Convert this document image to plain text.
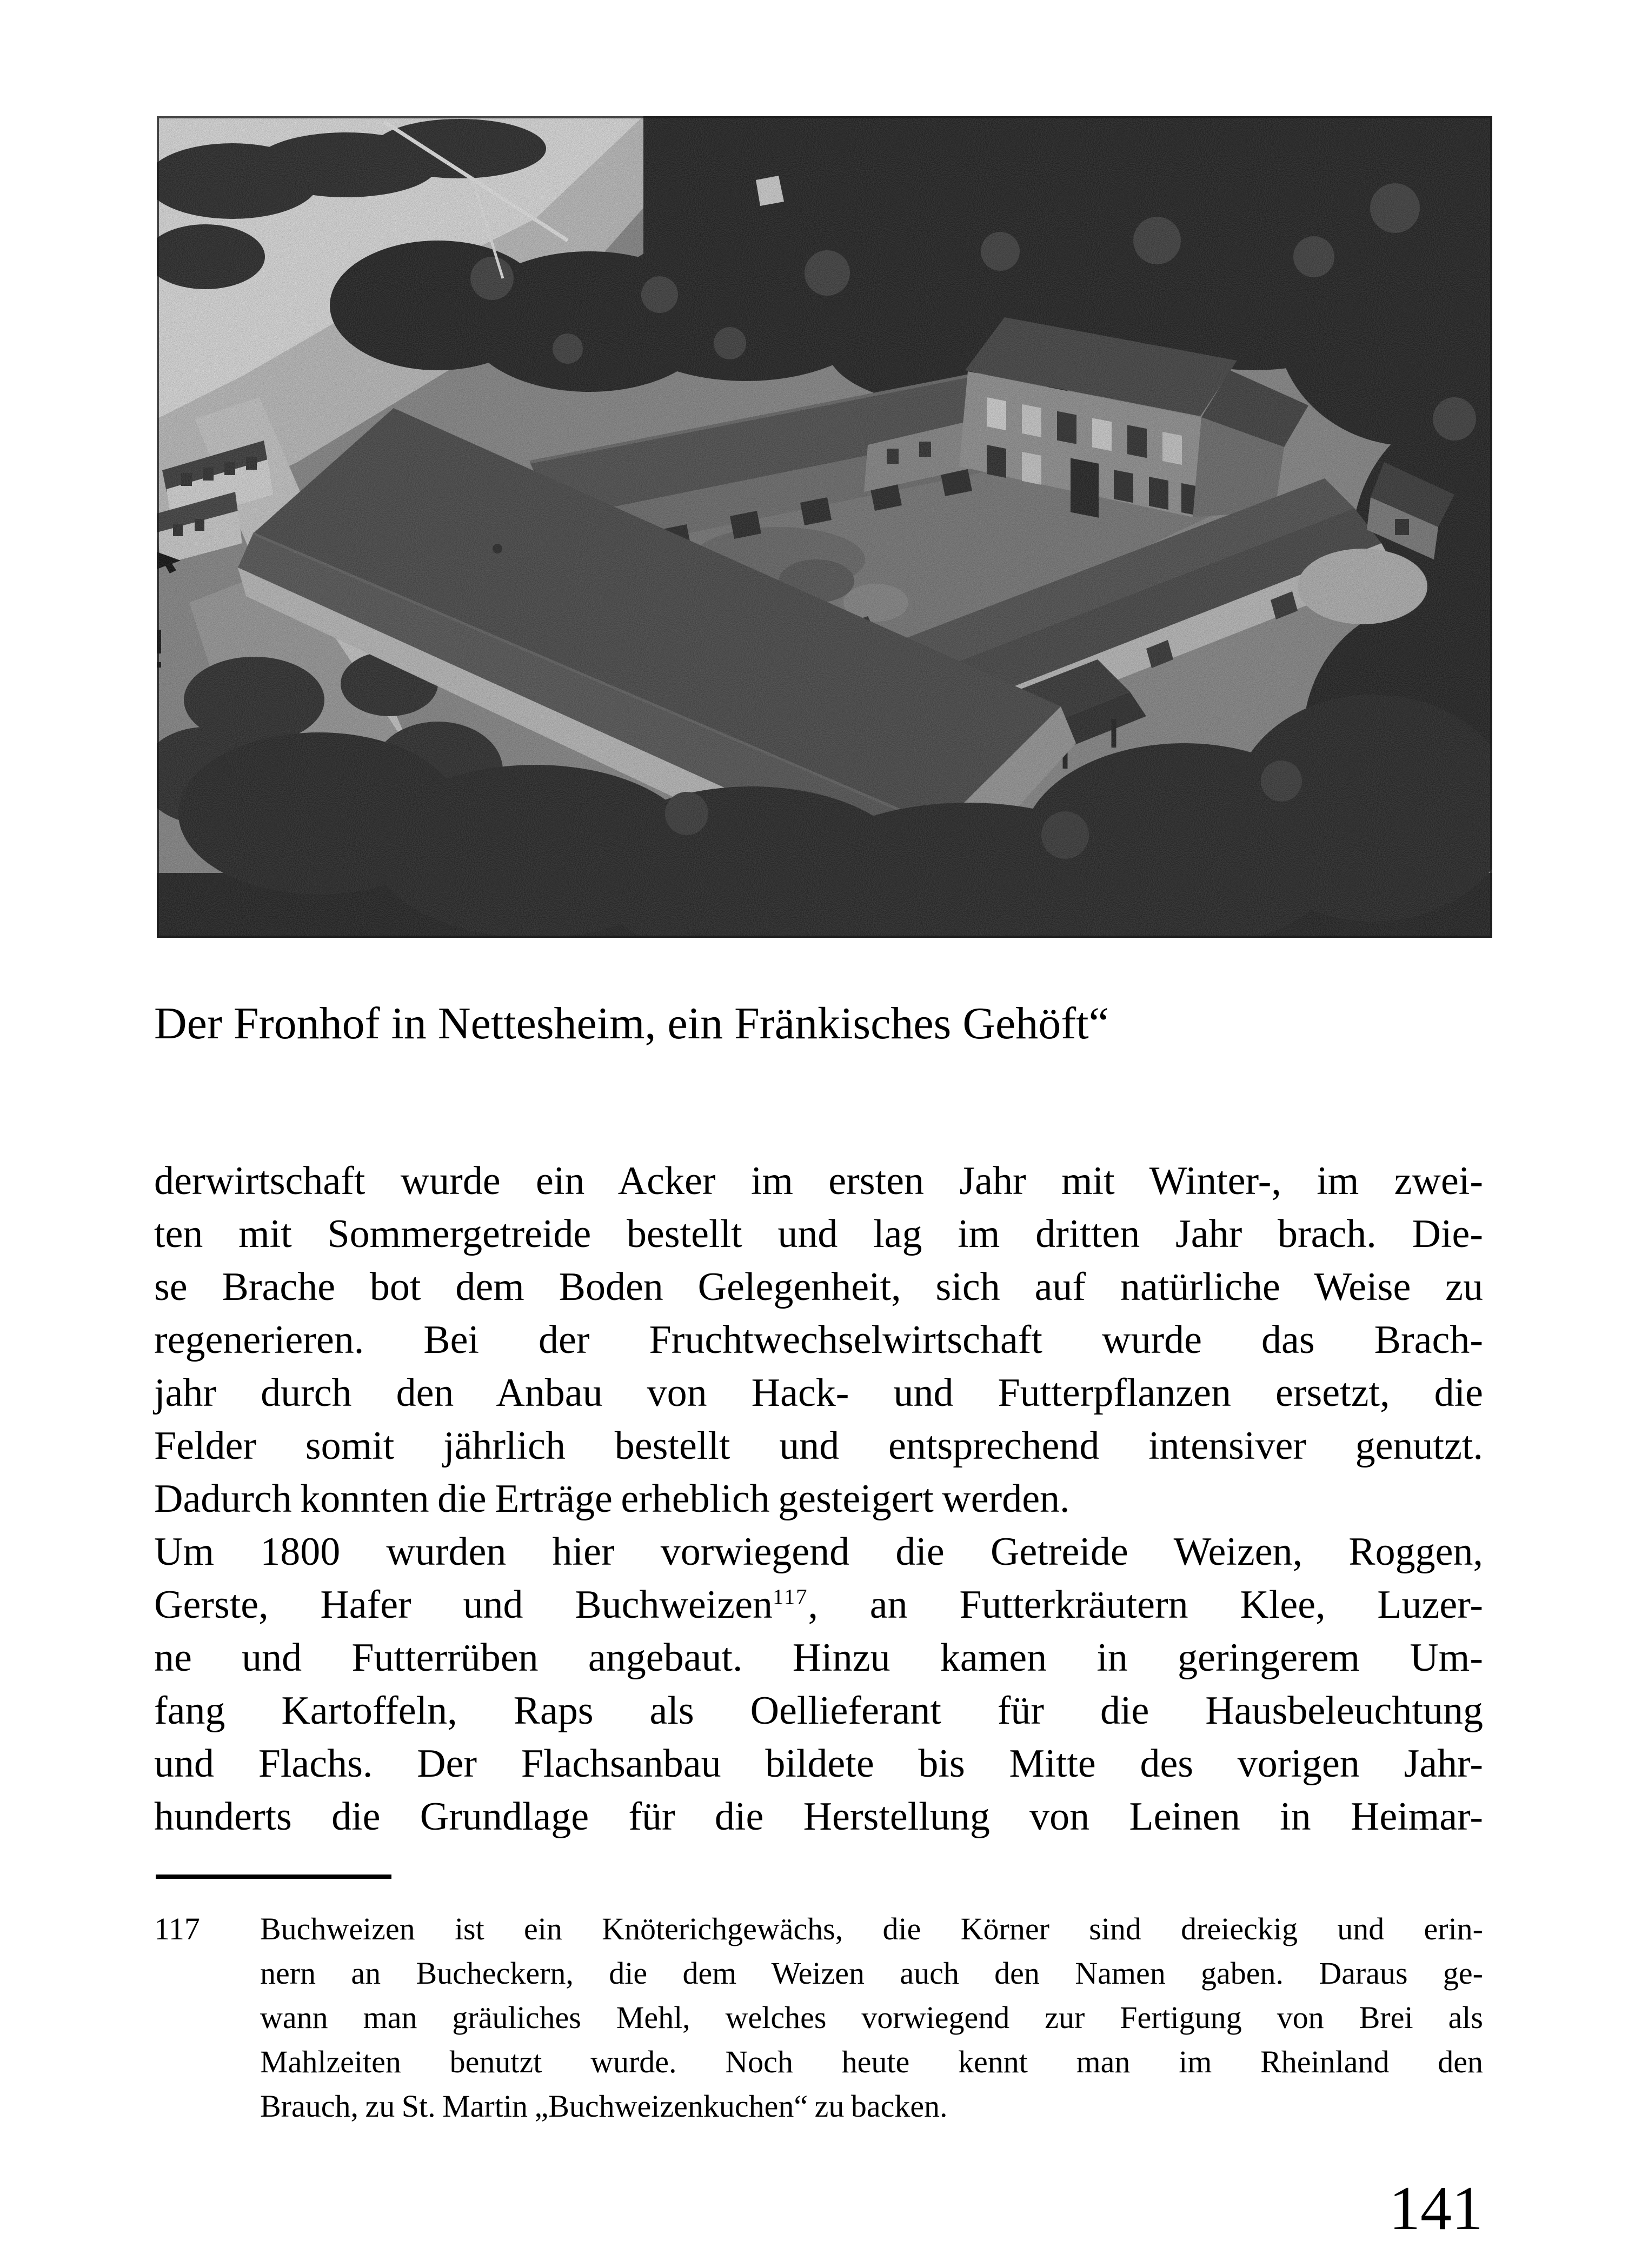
Der Fronhof in Nettesheim, ein Fränkisches Gehöft“
derwirtschaft wurde ein Acker im ersten Jahr mit Winter-, im zwei-
ten mit Sommergetreide bestellt und lag im dritten Jahr brach. Die-
se Brache bot dem Boden Gelegenheit, sich auf natürliche Weise zu
regenerieren. Bei der Fruchtwechselwirtschaft wurde das Brach-
jahr durch den Anbau von Hack- und Futterpflanzen ersetzt, die
Felder somit jährlich bestellt und entsprechend intensiver genutzt.
Dadurch konnten die Erträge erheblich gesteigert werden.
Um 1800 wurden hier vorwiegend die Getreide Weizen, Roggen,
Gerste, Hafer und Buchweizen$^{117}$, an Futterkräutern Klee, Luzer-
ne und Futterrüben angebaut. Hinzu kamen in geringerem Um-
fang Kartoffeln, Raps als Oellieferant für die Hausbeleuchtung
und Flachs. Der Flachsanbau bildete bis Mitte des vorigen Jahr-
hunderts die Grundlage für die Herstellung von Leinen in Heimar-
117	Buchweizen ist ein Knöterichgewächs, die Körner sind dreieckig und erin-
nern an Bucheckern, die dem Weizen auch den Namen gaben. Daraus ge-
wann man gräuliches Mehl, welches vorwiegend zur Fertigung von Brei als
Mahlzeiten benutzt wurde. Noch heute kennt man im Rheinland den
Brauch, zu St. Martin „Buchweizenkuchen“ zu backen.
141
